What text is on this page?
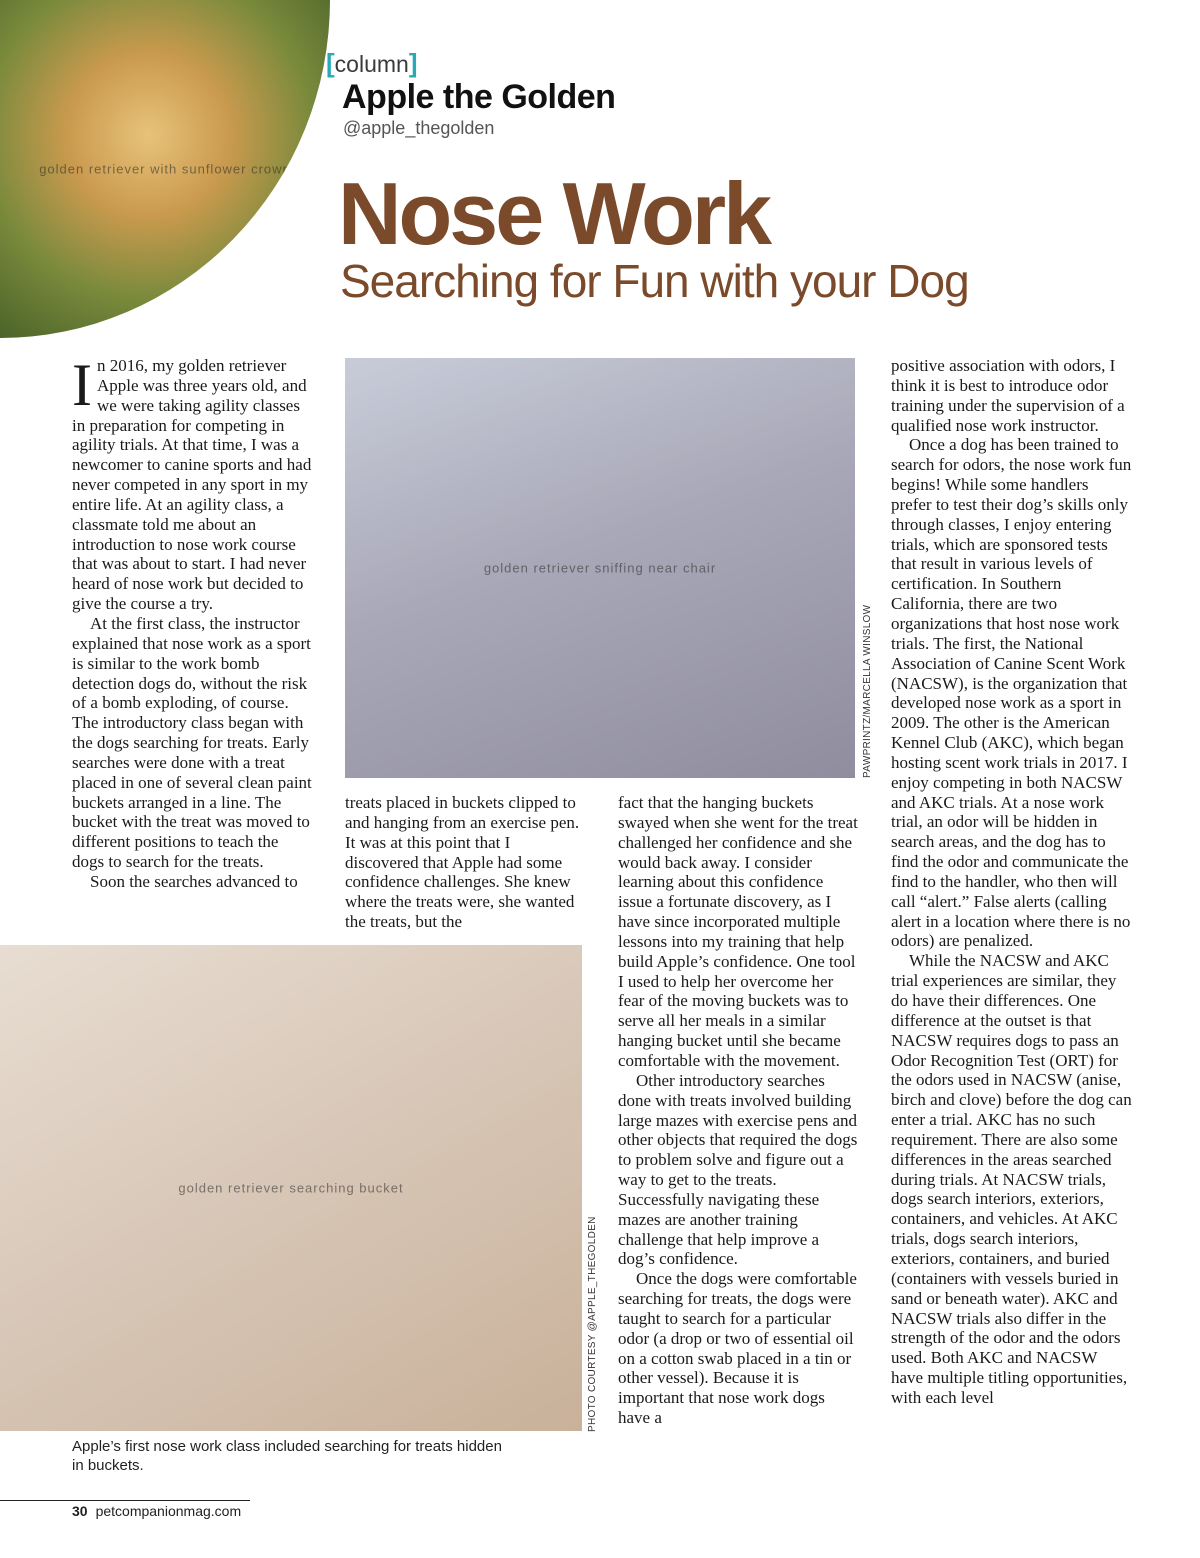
golden retriever with sunflower crown
[column]
Apple the Golden
@apple_thegolden
Nose Work
Searching for Fun with your Dog
golden retriever sniffing near chair
PAWPRINTZ/MARCELLA WINSLOW
golden retriever searching bucket
PHOTO COURTESY @APPLE_THEGOLDEN

In 2016, my golden retriever Apple was three years old, and we were taking agility classes in preparation for competing in agility trials. At that time, I was a newcomer to canine sports and had never competed in any sport in my entire life. At an agility class, a classmate told me about an introduction to nose work course that was about to start. I had never heard of nose work but decided to give the course a try.

At the first class, the instructor explained that nose work as a sport is similar to the work bomb detection dogs do, without the risk of a bomb exploding, of course. The introductory class began with the dogs searching for treats. Early searches were done with a treat placed in one of several clean paint buckets arranged in a line. The bucket with the treat was moved to different positions to teach the dogs to search for the treats.

Soon the searches advanced to

treats placed in buckets clipped to and hanging from an exercise pen. It was at this point that I discovered that Apple had some confidence challenges. She knew where the treats were, she wanted the treats, but the

fact that the hanging buckets swayed when she went for the treat challenged her confidence and she would back away. I consider learning about this confidence issue a fortunate discovery, as I have since incorporated multiple lessons into my training that help build Apple’s confidence. One tool I used to help her overcome her fear of the moving buckets was to serve all her meals in a similar hanging bucket until she became comfortable with the movement.

Other introductory searches done with treats involved building large mazes with exercise pens and other objects that required the dogs to problem solve and figure out a way to get to the treats. Successfully navigating these mazes are another training challenge that help improve a dog’s confidence.

Once the dogs were comfortable searching for treats, the dogs were taught to search for a particular odor (a drop or two of essential oil on a cotton swab placed in a tin or other vessel). Because it is important that nose work dogs have a

positive association with odors, I think it is best to introduce odor training under the supervision of a qualified nose work instructor.

Once a dog has been trained to search for odors, the nose work fun begins! While some handlers prefer to test their dog’s skills only through classes, I enjoy entering trials, which are sponsored tests that result in various levels of certification. In Southern California, there are two organizations that host nose work trials. The first, the National Association of Canine Scent Work (NACSW), is the organization that developed nose work as a sport in 2009. The other is the American Kennel Club (AKC), which began hosting scent work trials in 2017. I enjoy competing in both NACSW and AKC trials. At a nose work trial, an odor will be hidden in search areas, and the dog has to find the odor and communicate the find to the handler, who then will call “alert.” False alerts (calling alert in a location where there is no odors) are penalized.

While the NACSW and AKC trial experiences are similar, they do have their differences. One difference at the outset is that NACSW requires dogs to pass an Odor Recognition Test (ORT) for the odors used in NACSW (anise, birch and clove) before the dog can enter a trial. AKC has no such requirement. There are also some differences in the areas searched during trials. At NACSW trials, dogs search interiors, exteriors, containers, and vehicles. At AKC trials, dogs search interiors, exteriors, containers, and buried (containers with vessels buried in sand or beneath water). AKC and NACSW trials also differ in the strength of the odor and the odors used. Both AKC and NACSW have multiple titling opportunities, with each level

Apple’s first nose work class included searching for treats hidden in buckets.
30 petcompanionmag.com
